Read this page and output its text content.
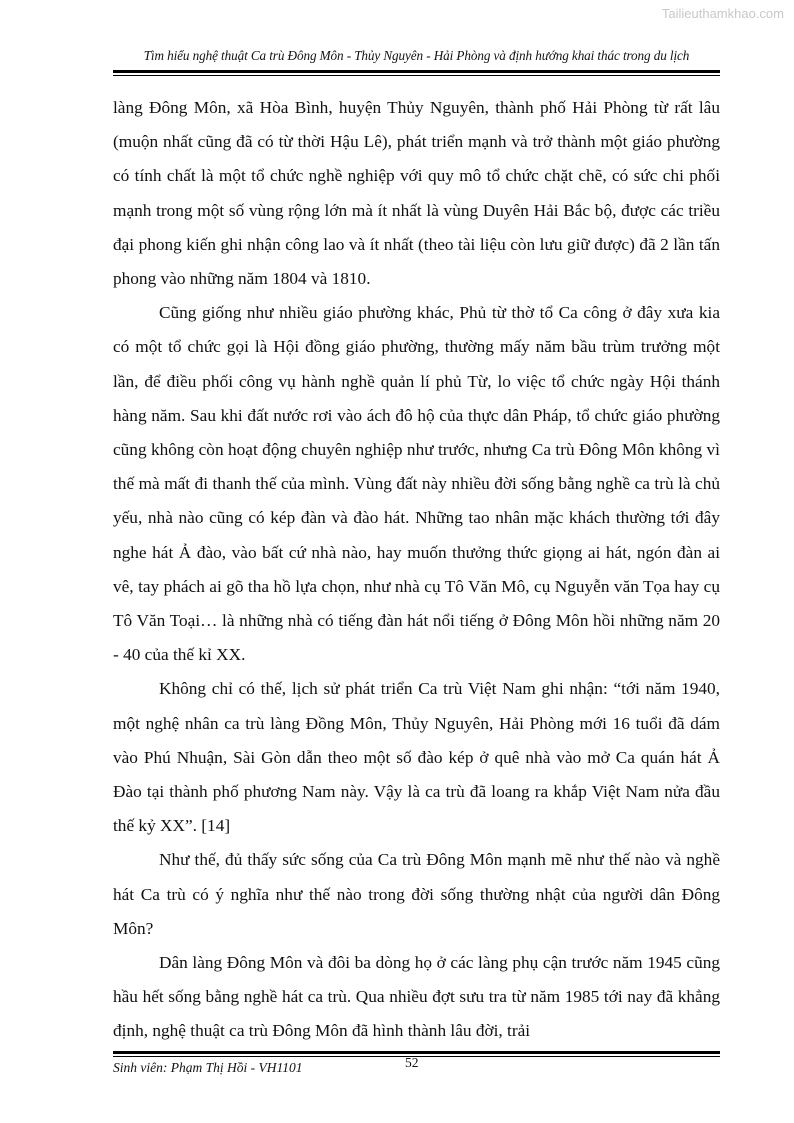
Tailieuthamkhao.com
Tìm hiểu nghệ thuật Ca trù Đông Môn - Thủy Nguyên - Hải Phòng và định hướng khai thác trong du lịch

làng Đông Môn, xã Hòa Bình, huyện Thủy Nguyên, thành phố Hải Phòng từ rất lâu (muộn nhất cũng đã có từ thời Hậu Lê), phát triển mạnh và trở thành một giáo phường có tính chất là một tổ chức nghề nghiệp với quy mô tổ chức chặt chẽ, có sức chi phối mạnh trong một số vùng rộng lớn mà ít nhất là vùng Duyên Hải Bắc bộ, được các triều đại phong kiến ghi nhận công lao và ít nhất (theo tài liệu còn lưu giữ được) đã 2 lần tấn phong vào những năm 1804 và 1810.

Cũng giống như nhiều giáo phường khác, Phủ từ thờ tổ Ca công ở đây xưa kia có một tổ chức gọi là Hội đồng giáo phường, thường mấy năm bầu trùm trưởng một lần, để điều phối công vụ hành nghề quản lí phủ Từ, lo việc tổ chức ngày Hội thánh hàng năm. Sau khi đất nước rơi vào ách đô hộ của thực dân Pháp, tổ chức giáo phường cũng không còn hoạt động chuyên nghiệp như trước, nhưng Ca trù Đông Môn không vì thế mà mất đi thanh thế của mình. Vùng đất này nhiều đời sống bằng nghề ca trù là chủ yếu, nhà nào cũng có kép đàn và đào hát. Những tao nhân mặc khách thường tới đây nghe hát Ả đào, vào bất cứ nhà nào, hay muốn thưởng thức giọng ai hát, ngón đàn ai vê, tay phách ai gõ tha hồ lựa chọn, như nhà cụ Tô Văn Mô, cụ Nguyễn văn Tọa hay cụ Tô Văn Toại… là những nhà có tiếng đàn hát nổi tiếng ở Đông Môn hồi những năm 20 - 40 của thế kỉ XX.

Không chỉ có thế, lịch sử phát triển Ca trù Việt Nam ghi nhận: “tới năm 1940, một nghệ nhân ca trù làng Đồng Môn, Thủy Nguyên, Hải Phòng mới 16 tuổi đã dám vào Phú Nhuận, Sài Gòn dẫn theo một số đào kép ở quê nhà vào mở Ca quán hát Ả Đào tại thành phố phương Nam này. Vậy là ca trù đã loang ra khắp Việt Nam nửa đầu thế kỷ XX”. [14]

Như thế, đủ thấy sức sống của Ca trù Đông Môn mạnh mẽ như thế nào và nghề hát Ca trù có ý nghĩa như thế nào trong đời sống thường nhật của người dân Đông Môn?

Dân làng Đông Môn và đôi ba dòng họ ở các làng phụ cận trước năm 1945 cũng hầu hết sống bằng nghề hát ca trù. Qua nhiều đợt sưu tra từ năm 1985 tới nay đã khẳng định, nghệ thuật ca trù Đông Môn đã hình thành lâu đời, trải

Sinh viên: Phạm Thị Hồi - VH1101	52
